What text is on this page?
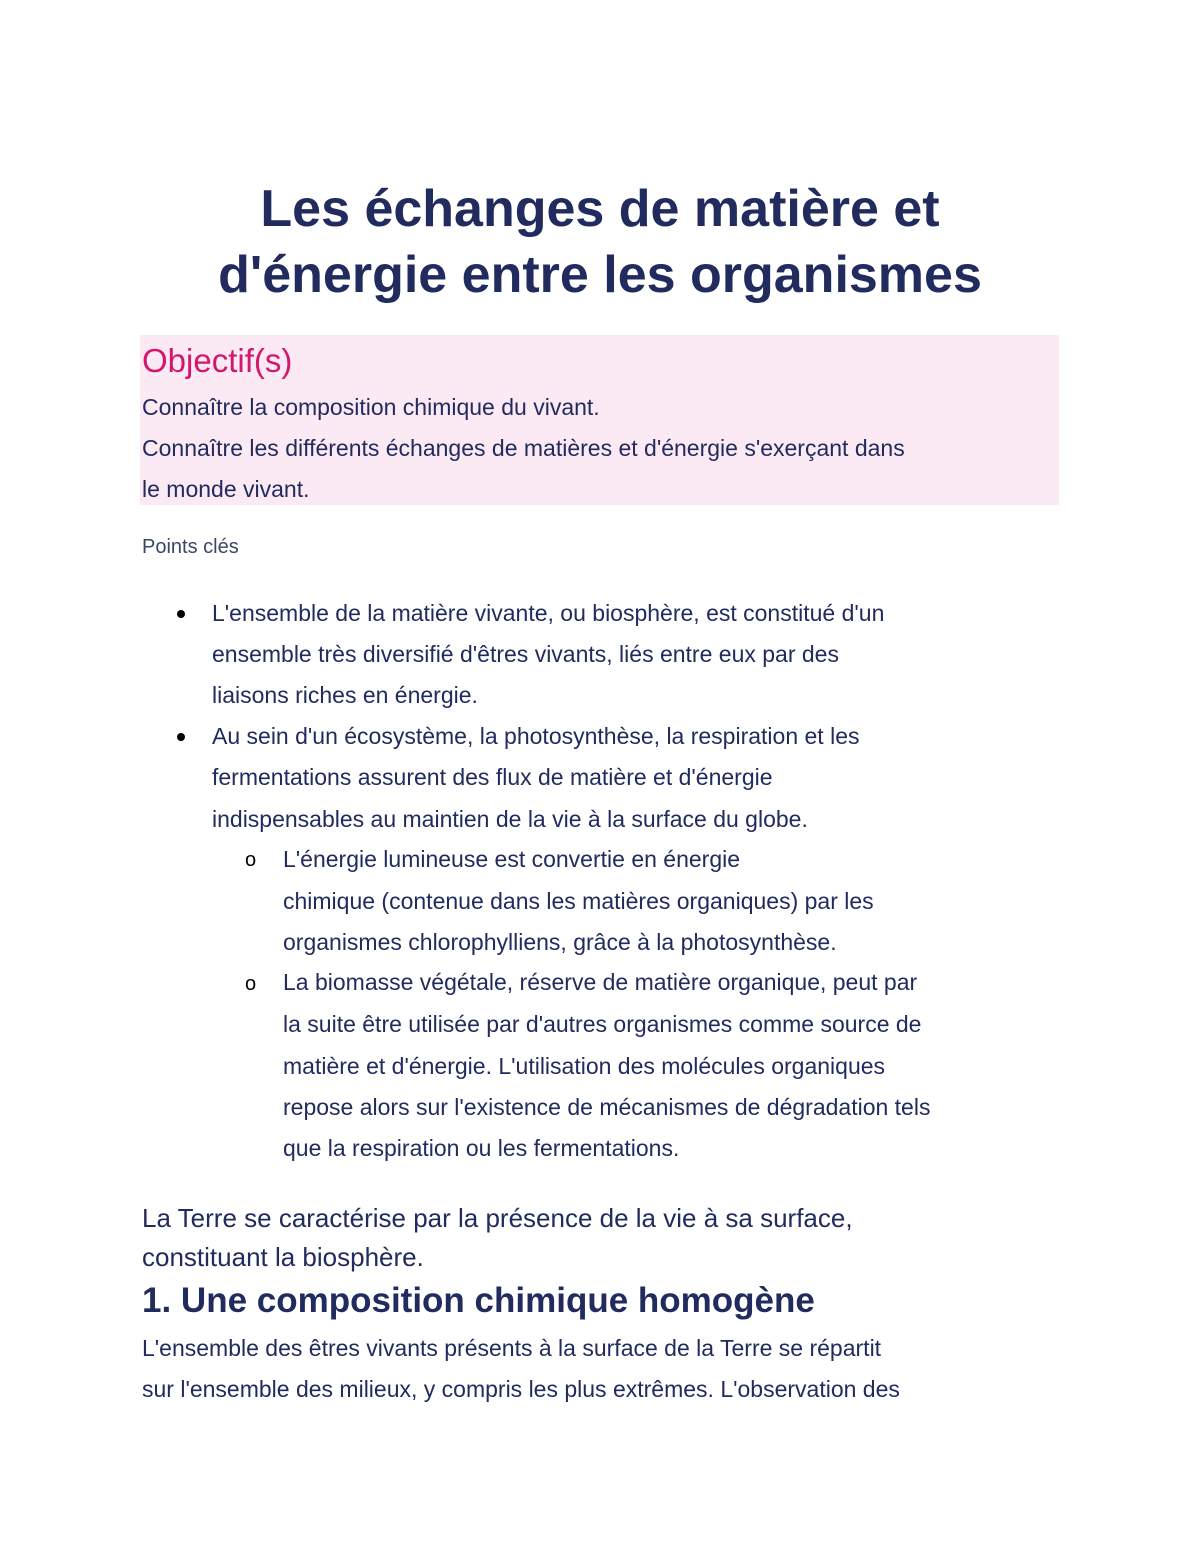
Les échanges de matière et
d'énergie entre les organismes
Objectif(s)

Connaître la composition chimique du vivant.

Connaître les différents échanges de matières et d'énergie s'exerçant dans

le monde vivant.

Points clés

L'ensemble de la matière vivante, ou biosphère, est constitué d'un

ensemble très diversifié d'êtres vivants, liés entre eux par des

liaisons riches en énergie.

Au sein d'un écosystème, la photosynthèse, la respiration et les

fermentations assurent des flux de matière et d'énergie

indispensables au maintien de la vie à la surface du globe.

o L'énergie lumineuse est convertie en énergie

chimique (contenue dans les matières organiques) par les

organismes chlorophylliens, grâce à la photosynthèse.

o La biomasse végétale, réserve de matière organique, peut par

la suite être utilisée par d'autres organismes comme source de

matière et d'énergie. L'utilisation des molécules organiques

repose alors sur l'existence de mécanismes de dégradation tels

que la respiration ou les fermentations.

La Terre se caractérise par la présence de la vie à sa surface,

constituant la biosphère.

1. Une composition chimique homogène

L'ensemble des êtres vivants présents à la surface de la Terre se répartit

sur l'ensemble des milieux, y compris les plus extrêmes. L'observation des
